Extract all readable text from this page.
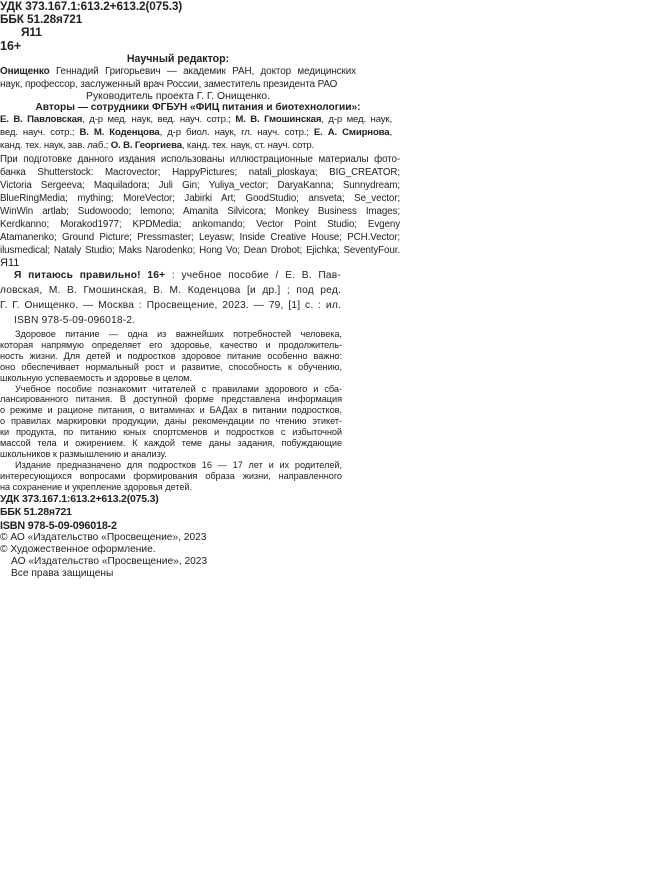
УДК 373.167.1:613.2+613.2(075.3)
ББК 51.28я721
Я11
16+
Научный редактор:
Онищенко Геннадий Григорьевич — академик РАН, доктор медицинских
наук, профессор, заслуженный врач России, заместитель президента РАО
Руководитель проекта Г. Г. Онищенко.
Авторы — сотрудники ФГБУН «ФИЦ питания и биотехнологии»:
Е. В. Павловская, д-р мед. наук, вед. науч. сотр.; М. В. Гмошинская, д-р мед. наук,
вед. науч. сотр.; В. М. Коденцова, д-р биол. наук, гл. науч. сотр.; Е. А. Смирнова,
канд. тех. наук, зав. лаб.; О. В. Георгиева, канд. тех. наук, ст. науч. сотр.
При подготовке данного издания использованы иллюстрационные материалы фото-
банка Shutterstock: Macrovector; HappyPictures; natali_ploskaya; BIG_CREATOR;
Victoria Sergeeva; Maquiladora; Juli Gin; Yuliya_vector; DaryaKanna; Sunnydream;
BlueRingMedia; mything; MoreVector; Jabirki Art; GoodStudio; ansveta; Se_vector;
WinWin artlab; Sudowoodo; lemono; Amanita Silvicora; Monkey Business Images;
Kerdkanno; Morakod1977; KPDMedia; ankomando; Vector Point Studio; Evgeny
Atamanenko; Ground Picture; Pressmaster; Leyasw; Inside Creative House; PCH.Vector;
ilusmedical; Nataly Studio; Maks Narodenko; Hong Vo; Dean Drobot; Ejichka; SeventyFour.
Я11
Я питаюсь правильно! 16+ : учебное пособие / Е. В. Пав-
ловская, М. В. Гмошинская, В. М. Коденцова [и др.] ; под ред.
Г. Г. Онищенко. — Москва : Просвещение, 2023. — 79, [1] с. : ил.
ISBN 978-5-09-096018-2.
Здоровое питание — одна из важнейших потребностей человека,
которая напрямую определяет его здоровье, качество и продолжитель-
ность жизни. Для детей и подростков здоровое питание особенно важно:
оно обеспечивает нормальный рост и развитие, способность к обучению,
школьную успеваемость и здоровье в целом.
Учебное пособие познакомит читателей с правилами здорового и сба-
лансированного питания. В доступной форме представлена информация
о режиме и рационе питания, о витаминах и БАДах в питании подростков,
о правилах маркировки продукции, даны рекомендации по чтению этикет-
ки продукта, по питанию юных спортсменов и подростков с избыточной
массой тела и ожирением. К каждой теме даны задания, побуждающие
школьников к размышлению и анализу.
Издание предназначено для подростков 16 — 17 лет и их родителей,
интересующихся вопросами формирования образа жизни, направленного
на сохранение и укрепление здоровья детей.
УДК 373.167.1:613.2+613.2(075.3)
ББК 51.28я721
ISBN 978-5-09-096018-2
© АО «Издательство «Просвещение», 2023
© Художественное оформление.
АО «Издательство «Просвещение», 2023
Все права защищены
